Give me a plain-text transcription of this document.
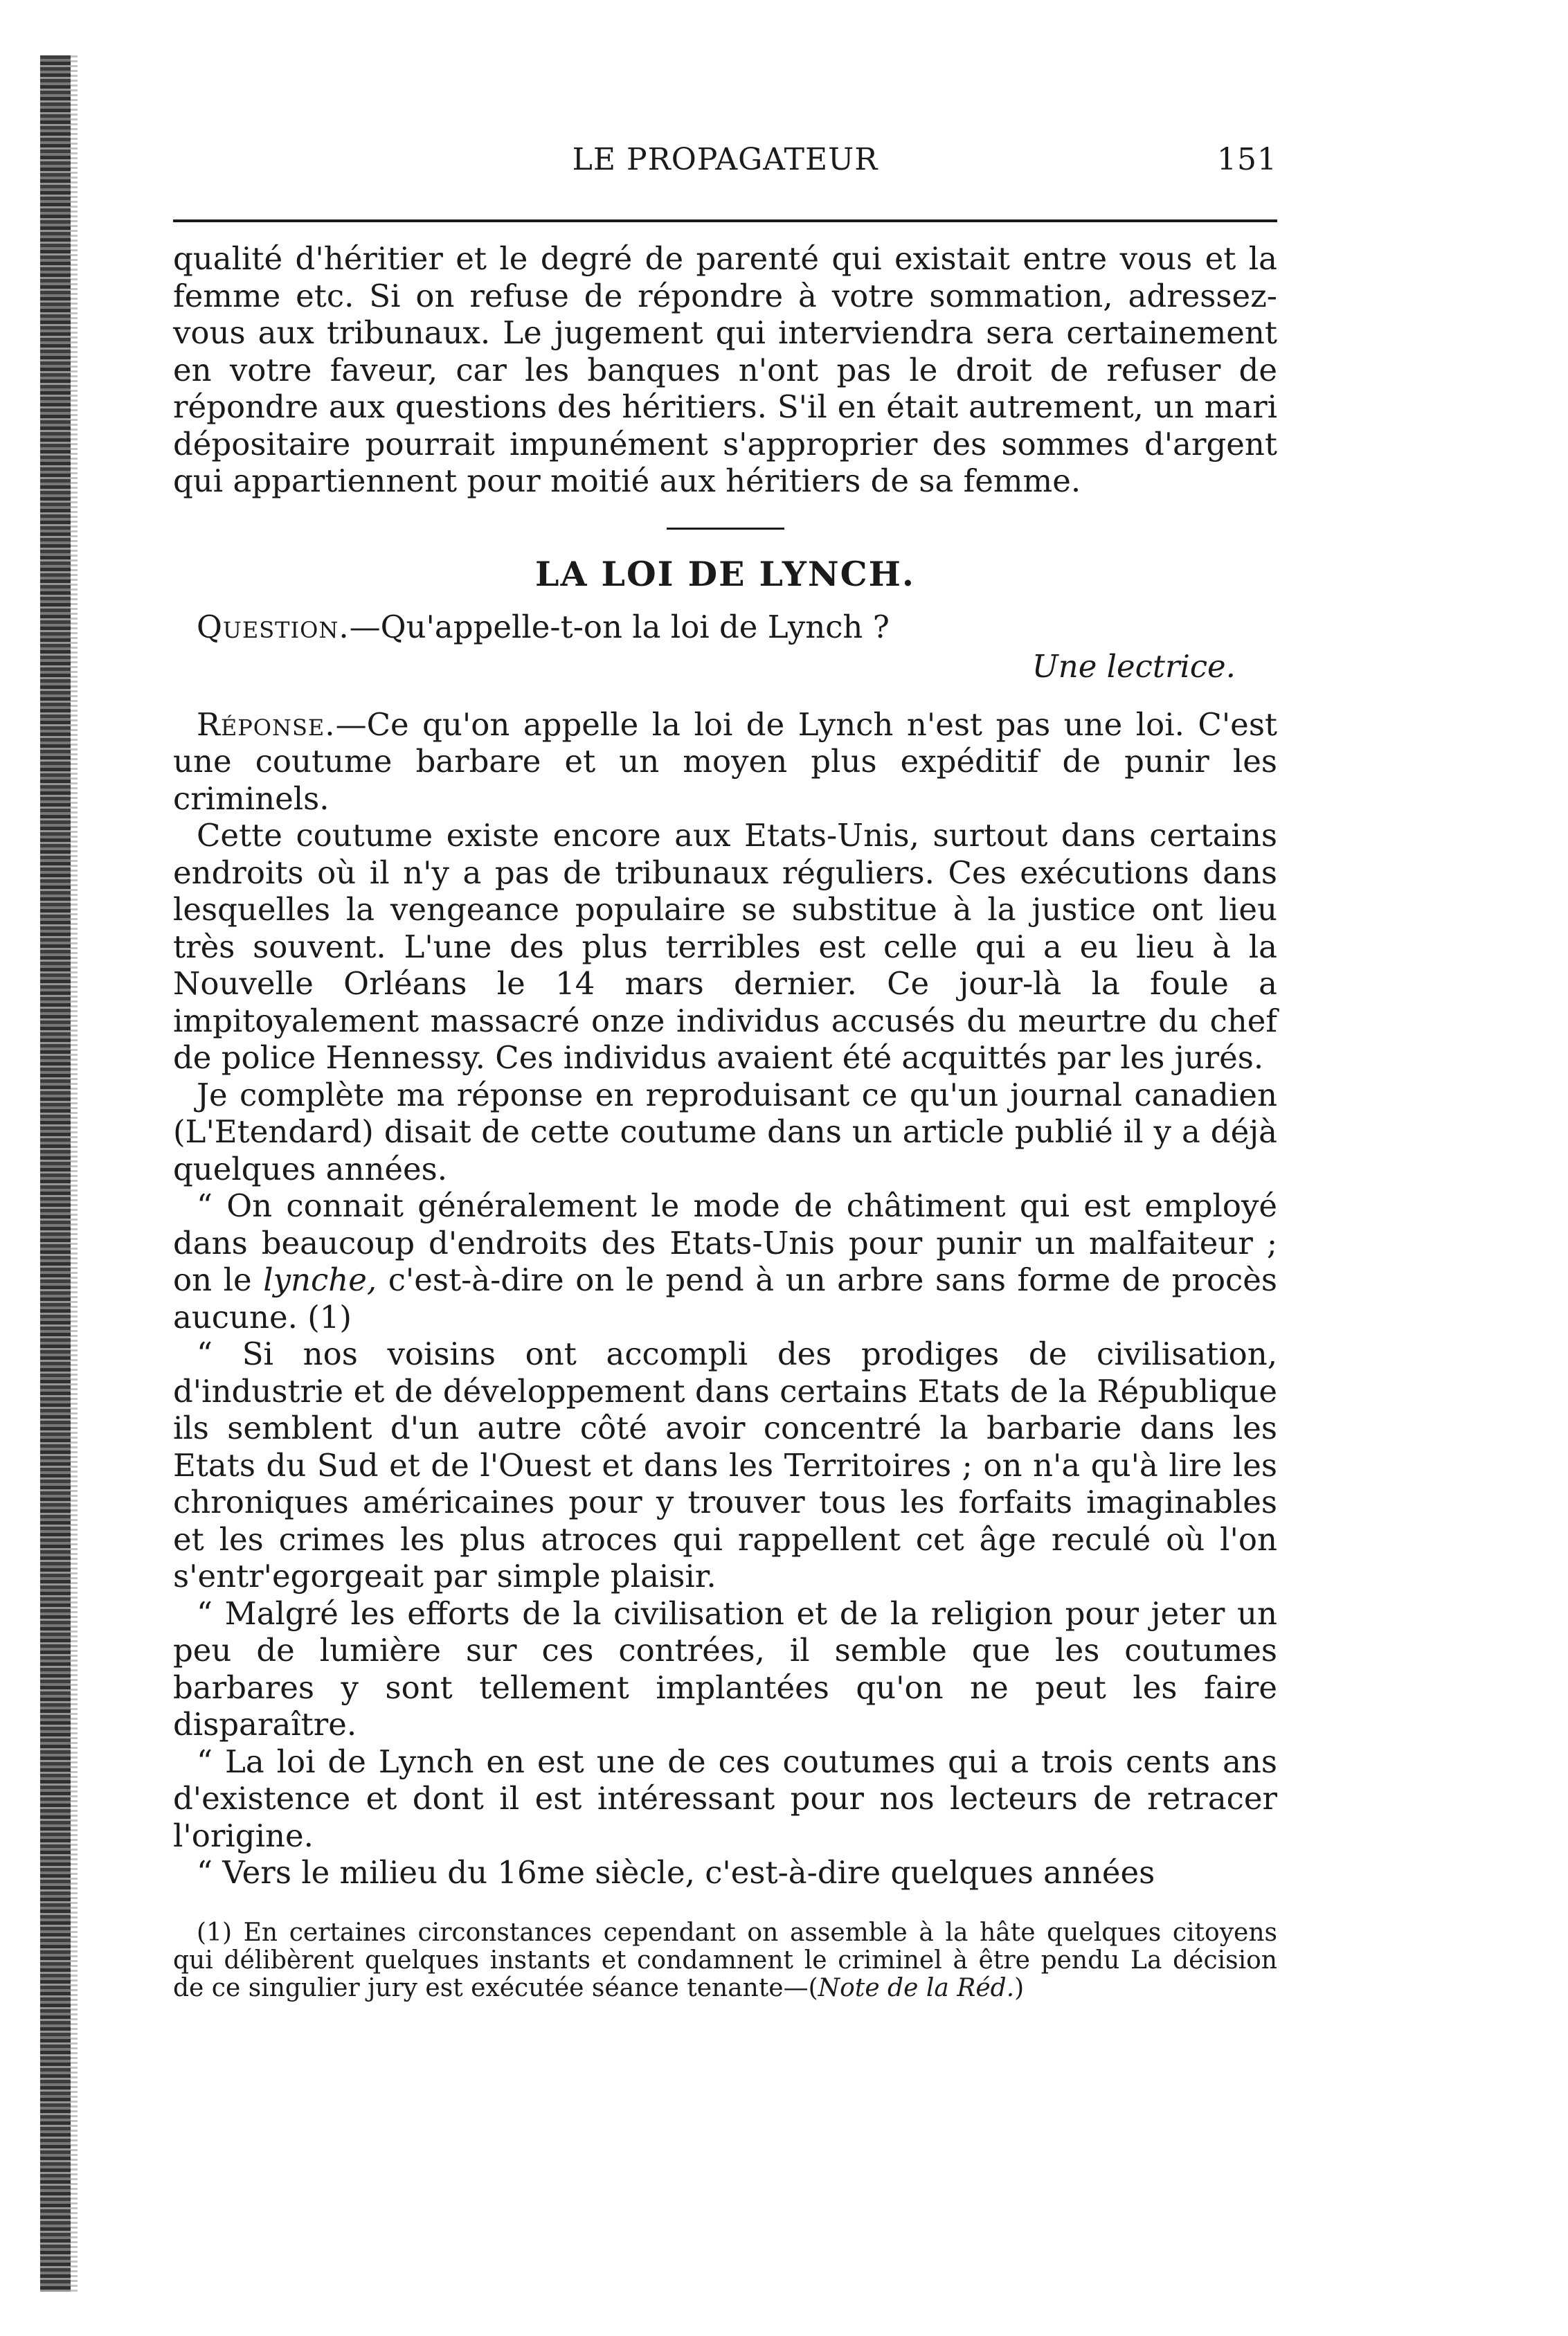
LE PROPAGATEUR	151

qualité d'héritier et le degré de parenté qui existait entre vous et la femme etc. Si on refuse de répondre à votre sommation, adressez-vous aux tribunaux. Le jugement qui interviendra sera certainement en votre faveur, car les banques n'ont pas le droit de refuser de répondre aux questions des héritiers. S'il en était autrement, un mari dépositaire pourrait impunément s'approprier des sommes d'argent qui appartiennent pour moitié aux héritiers de sa femme.

LA LOI DE LYNCH.

Question.—Qu'appelle-t-on la loi de Lynch ?

Une lectrice.

Réponse.—Ce qu'on appelle la loi de Lynch n'est pas une loi. C'est une coutume barbare et un moyen plus expéditif de punir les criminels.

Cette coutume existe encore aux Etats-Unis, surtout dans certains endroits où il n'y a pas de tribunaux réguliers. Ces exécutions dans lesquelles la vengeance populaire se substitue à la justice ont lieu très souvent. L'une des plus terribles est celle qui a eu lieu à la Nouvelle Orléans le 14 mars dernier. Ce jour-là la foule a impitoyalement massacré onze individus accusés du meurtre du chef de police Hennessy. Ces individus avaient été acquittés par les jurés.

Je complète ma réponse en reproduisant ce qu'un journal canadien (L'Etendard) disait de cette coutume dans un article publié il y a déjà quelques années.

“ On connait généralement le mode de châtiment qui est employé dans beaucoup d'endroits des Etats-Unis pour punir un malfaiteur ; on le lynche, c'est-à-dire on le pend à un arbre sans forme de procès aucune. (1)

“ Si nos voisins ont accompli des prodiges de civilisation, d'industrie et de développement dans certains Etats de la République ils semblent d'un autre côté avoir concentré la barbarie dans les Etats du Sud et de l'Ouest et dans les Territoires ; on n'a qu'à lire les chroniques américaines pour y trouver tous les forfaits imaginables et les crimes les plus atroces qui rappellent cet âge reculé où l'on s'entr'egorgeait par simple plaisir.

“ Malgré les efforts de la civilisation et de la religion pour jeter un peu de lumière sur ces contrées, il semble que les coutumes barbares y sont tellement implantées qu'on ne peut les faire disparaître.

“ La loi de Lynch en est une de ces coutumes qui a trois cents ans d'existence et dont il est intéressant pour nos lecteurs de retracer l'origine.

“ Vers le milieu du 16me siècle, c'est-à-dire quelques années

(1) En certaines circonstances cependant on assemble à la hâte quelques citoyens qui délibèrent quelques instants et condamnent le criminel à être pendu La décision de ce singulier jury est exécutée séance tenante—(Note de la Réd.)
